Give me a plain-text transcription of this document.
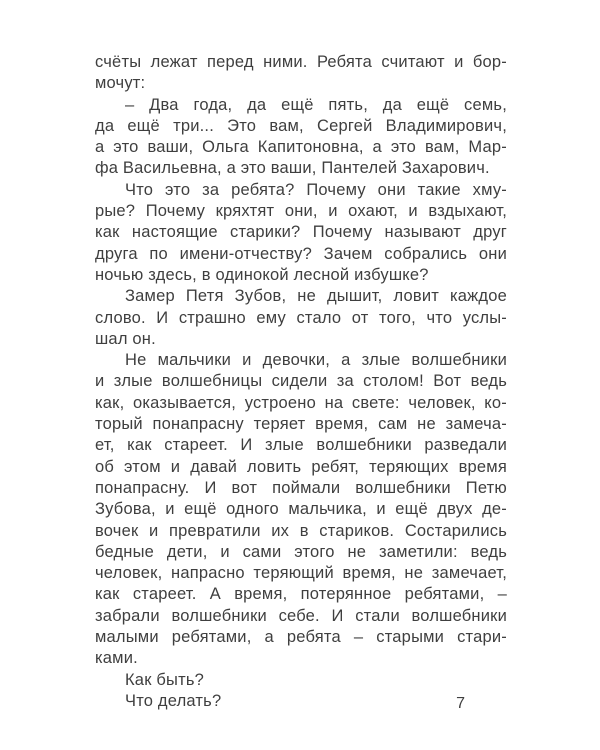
счёты лежат перед ними. Ребята считают и бор-
мочут:
– Два года, да ещё пять, да ещё семь,
да ещё три... Это вам, Сергей Владимирович,
а это ваши, Ольга Капитоновна, а это вам, Мар-
фа Васильевна, а это ваши, Пантелей Захарович.
Что это за ребята? Почему они такие хму-
рые? Почему кряхтят они, и охают, и вздыхают,
как настоящие старики? Почему называют друг
друга по имени-отчеству? Зачем собрались они
ночью здесь, в одинокой лесной избушке?
Замер Петя Зубов, не дышит, ловит каждое
слово. И страшно ему стало от того, что услы-
шал он.
Не мальчики и девочки, а злые волшебники
и злые волшебницы сидели за столом! Вот ведь
как, оказывается, устроено на свете: человек, ко-
торый понапрасну теряет время, сам не замеча-
ет, как стареет. И злые волшебники разведали
об этом и давай ловить ребят, теряющих время
понапрасну. И вот поймали волшебники Петю
Зубова, и ещё одного мальчика, и ещё двух де-
вочек и превратили их в стариков. Состарились
бедные дети, и сами этого не заметили: ведь
человек, напрасно теряющий время, не замечает,
как стареет. А время, потерянное ребятами, –
забрали волшебники себе. И стали волшебники
малыми ребятами, а ребята – старыми стари-
ками.
Как быть?
Что делать?	7
